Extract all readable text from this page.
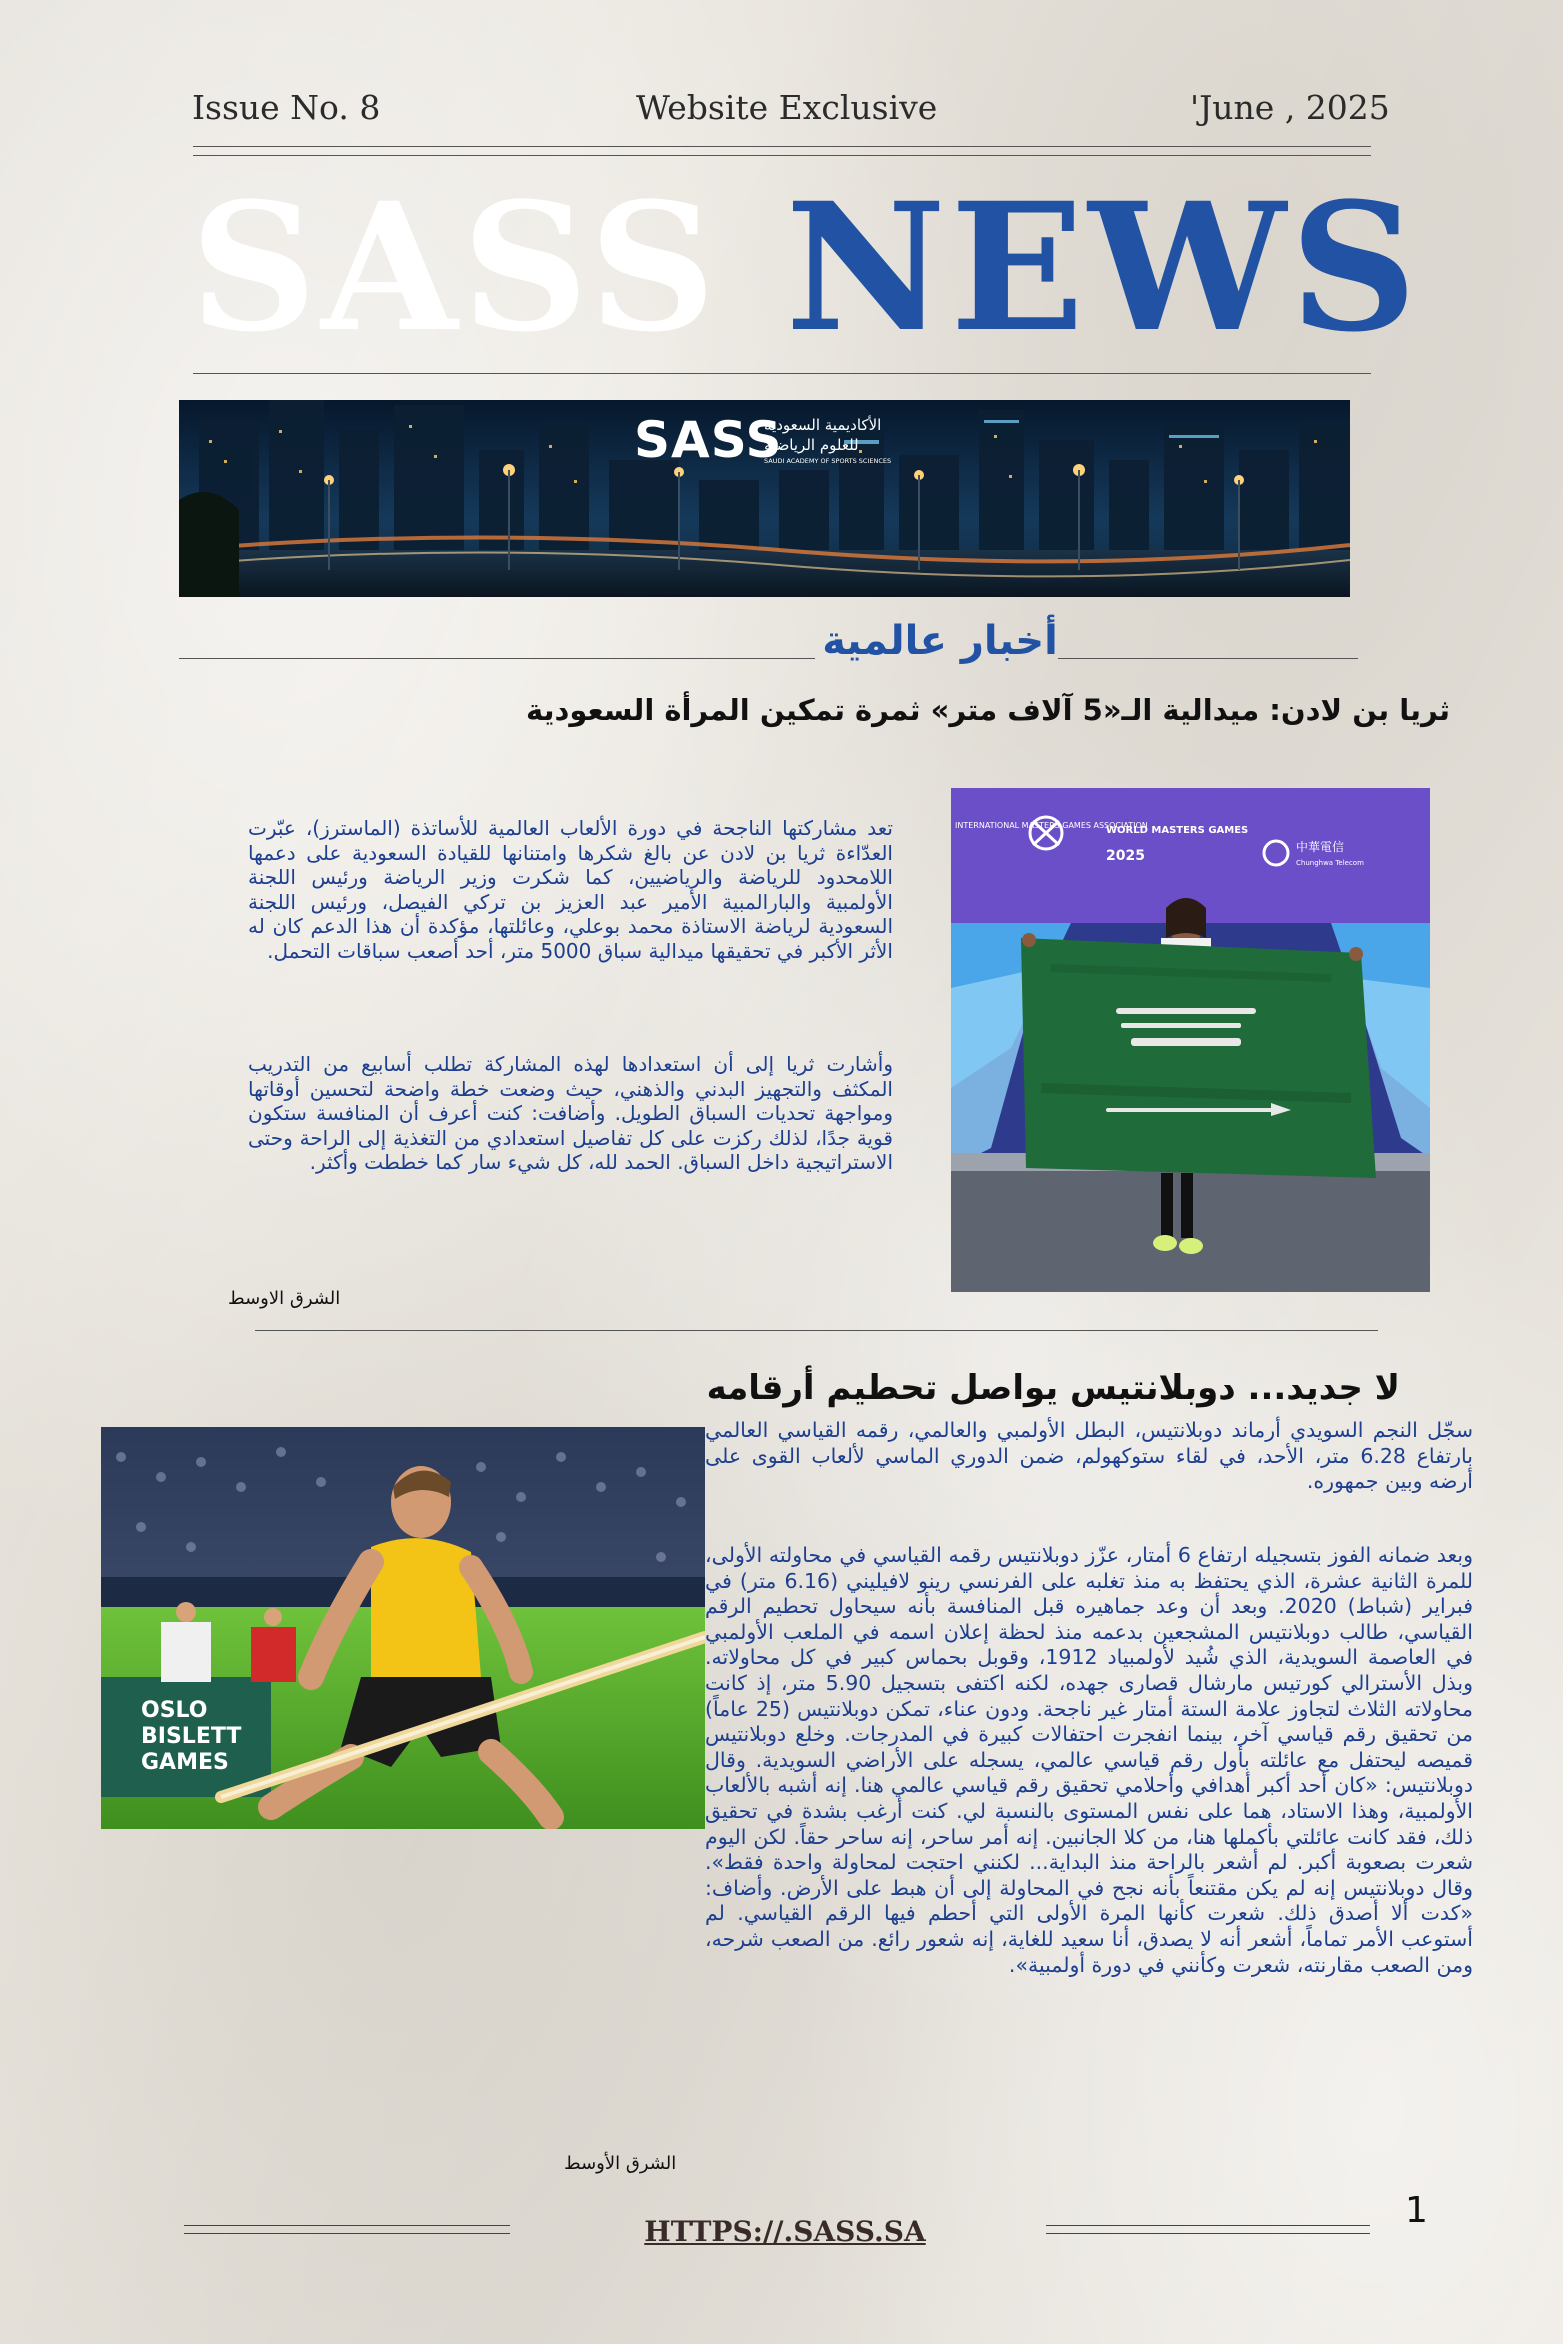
Issue No. 8	Website Exclusive	'June , 2025
SASS NEWS
SASS
الأكاديمية السعودية
للعلوم الرياضية
SAUDI ACADEMY OF SPORTS SCIENCES
أخبار عالمية
ثريا بن لادن: ميدالية الـ«5 آلاف متر» ثمرة تمكين المرأة السعودية
تعد مشاركتها الناجحة في دورة الألعاب العالمية للأساتذة (الماسترز)، عبّرت العدّاءة ثريا بن لادن عن بالغ شكرها وامتنانها للقيادة السعودية على دعمها اللامحدود للرياضة والرياضيين، كما شكرت وزير الرياضة ورئيس اللجنة الأولمبية والبارالمبية الأمير عبد العزيز بن تركي الفيصل، ورئيس اللجنة السعودية لرياضة الاستاذة محمد بوعلي، وعائلتها، مؤكدة أن هذا الدعم كان له الأثر الأكبر في تحقيقها ميدالية سباق 5000 متر، أحد أصعب سباقات التحمل.
وأشارت ثريا إلى أن استعدادها لهذه المشاركة تطلب أسابيع من التدريب المكثف والتجهيز البدني والذهني، حيث وضعت خطة واضحة لتحسين أوقاتها ومواجهة تحديات السباق الطويل. وأضافت: كنت أعرف أن المنافسة ستكون قوية جدًا، لذلك ركزت على كل تفاصيل استعدادي من التغذية إلى الراحة وحتى الاستراتيجية داخل السباق. الحمد لله، كل شيء سار كما خططت وأكثر.
INTERNATIONAL MASTERS GAMES ASSOCIATION
WORLD MASTERS GAMES
2025
中華電信
Chunghwa Telecom
الشرق الاوسط
لا جديد... دوبلانتيس يواصل تحطيم أرقامه
OSLO
BISLETT
GAMES
سجّل النجم السويدي أرماند دوبلانتيس، البطل الأولمبي والعالمي، رقمه القياسي العالمي بارتفاع 6.28 متر، الأحد، في لقاء ستوكهولم، ضمن الدوري الماسي لألعاب القوى على أرضه وبين جمهوره.
وبعد ضمانه الفوز بتسجيله ارتفاع 6 أمتار، عزّز دوبلانتيس رقمه القياسي في محاولته الأولى، للمرة الثانية عشرة، الذي يحتفظ به منذ تغلبه على الفرنسي رينو لافيليني (6.16 متر) في فبراير (شباط) 2020. وبعد أن وعد جماهيره قبل المنافسة بأنه سيحاول تحطيم الرقم القياسي، طالب دوبلانتيس المشجعين بدعمه منذ لحظة إعلان اسمه في الملعب الأولمبي في العاصمة السويدية، الذي شُيد لأولمبياد 1912، وقوبل بحماس كبير في كل محاولاته. وبذل الأسترالي كورتيس مارشال قصارى جهده، لكنه اكتفى بتسجيل 5.90 متر، إذ كانت محاولاته الثلاث لتجاوز علامة الستة أمتار غير ناجحة. ودون عناء، تمكن دوبلانتيس (25 عاماً) من تحقيق رقم قياسي آخر، بينما انفجرت احتفالات كبيرة في المدرجات. وخلع دوبلانتيس قميصه ليحتفل مع عائلته بأول رقم قياسي عالمي، يسجله على الأراضي السويدية. وقال دوبلانتيس: «كان أحد أكبر أهدافي وأحلامي تحقيق رقم قياسي عالمي هنا. إنه أشبه بالألعاب الأولمبية، وهذا الاستاد، هما على نفس المستوى بالنسبة لي. كنت أرغب بشدة في تحقيق ذلك، فقد كانت عائلتي بأكملها هنا، من كلا الجانبين. إنه أمر ساحر، إنه ساحر حقاً. لكن اليوم شعرت بصعوبة أكبر. لم أشعر بالراحة منذ البداية... لكنني احتجت لمحاولة واحدة فقط». وقال دوبلانتيس إنه لم يكن مقتنعاً بأنه نجح في المحاولة إلى أن هبط على الأرض. وأضاف: «كدت ألا أصدق ذلك. شعرت كأنها المرة الأولى التي أحطم فيها الرقم القياسي. لم أستوعب الأمر تماماً، أشعر أنه لا يصدق، أنا سعيد للغاية، إنه شعور رائع. من الصعب شرحه، ومن الصعب مقارنته، شعرت وكأنني في دورة أولمبية».
الشرق الأوسط
HTTPS://.SASS.SA
1
